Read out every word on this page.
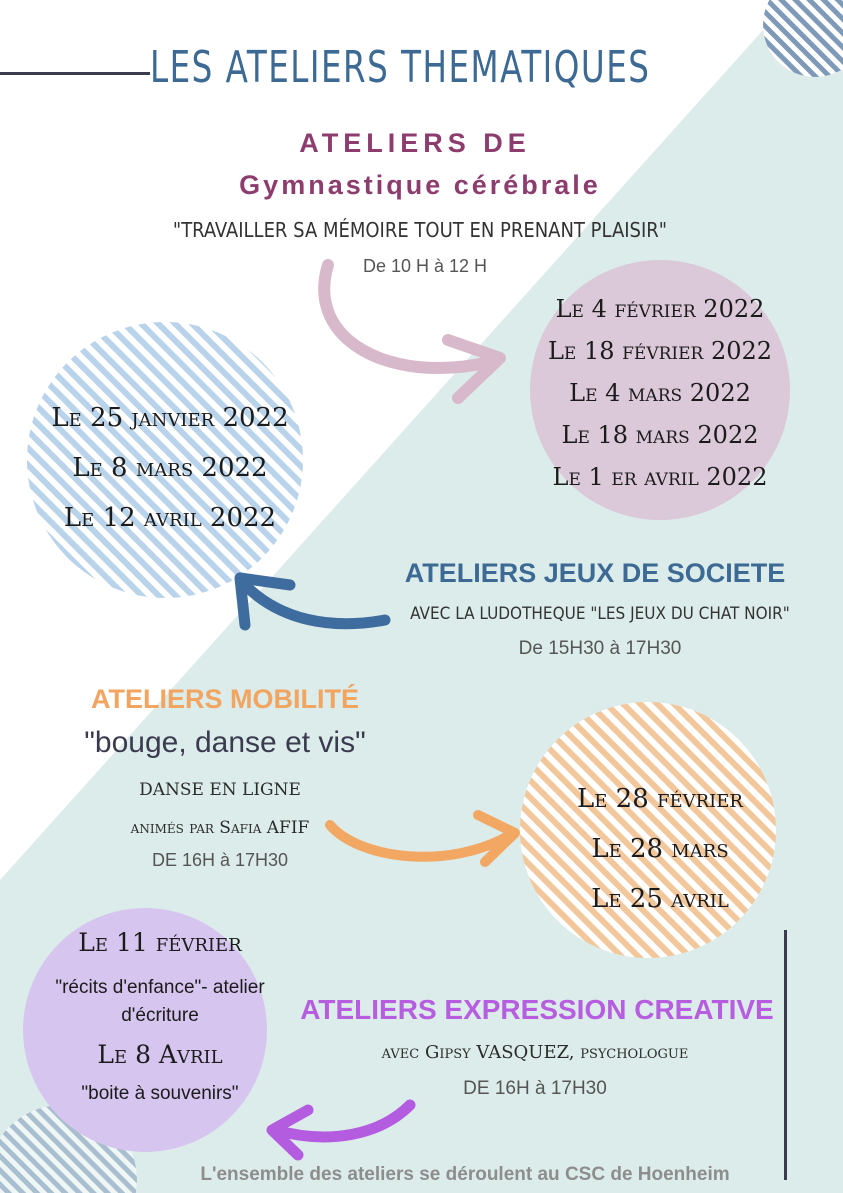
LES ATELIERS THEMATIQUES
ATELIERS DE
Gymnastique cérébrale
"TRAVAILLER SA MÉMOIRE TOUT EN PRENANT PLAISIR"
De 10 H à 12 H
Le 4 février 2022
Le 18 février 2022
Le 4 mars 2022
Le 18 mars 2022
Le 1 er avril 2022
Le 25 janvier 2022
Le 8 mars 2022
Le 12 avril 2022
ATELIERS JEUX DE SOCIETE
AVEC LA LUDOTHEQUE "LES JEUX DU CHAT NOIR"
De 15H30 à 17H30
ATELIERS MOBILITÉ
"bouge, danse et vis"
DANSE EN LIGNE
animés par Safia AFIF
DE 16H à 17H30
Le 28 février
Le 28 mars
Le 25 avril
Le 11 février
"récits d'enfance"- atelier d'écriture
Le 8 Avril
"boite à souvenirs"
ATELIERS EXPRESSION CREATIVE
avec Gipsy VASQUEZ, psychologue
DE 16H à 17H30
L'ensemble des ateliers se déroulent au CSC de Hoenheim
